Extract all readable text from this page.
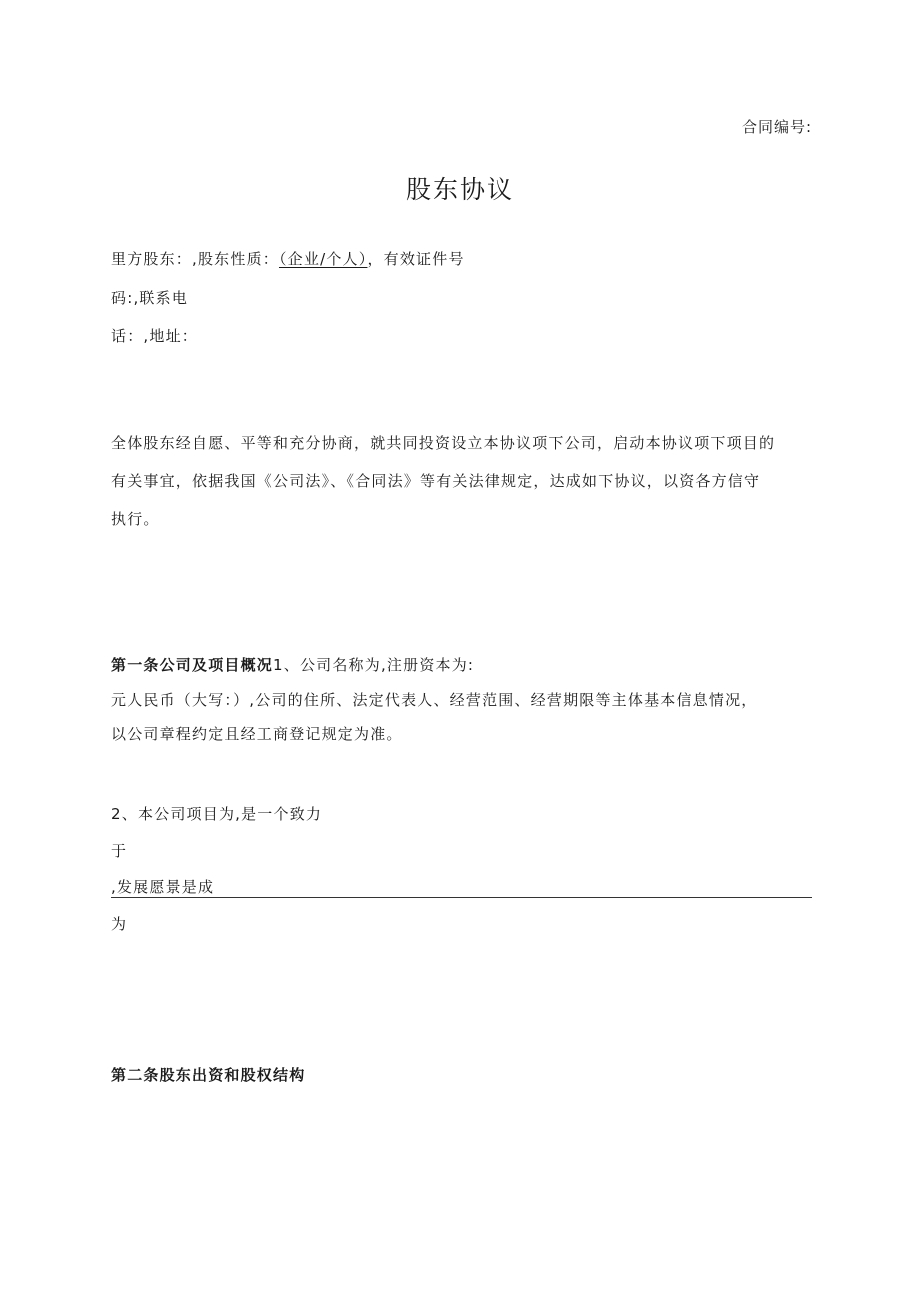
合同编号:
股东协议
里方股东：,股东性质：（企业/个人），有效证件号
码:,联系电
话：,地址：
全体股东经自愿、平等和充分协商，就共同投资设立本协议项下公司，启动本协议项下项目的
有关事宜，依据我国《公司法》、《合同法》等有关法律规定，达成如下协议，以资各方信守
执行。
第一条公司及项目概况1、公司名称为,注册资本为:
元人民币（大写：）,公司的住所、法定代表人、经营范围、经营期限等主体基本信息情况，
以公司章程约定且经工商登记规定为准。
2、本公司项目为,是一个致力
于
,发展愿景是成
为
第二条股东出资和股权结构
